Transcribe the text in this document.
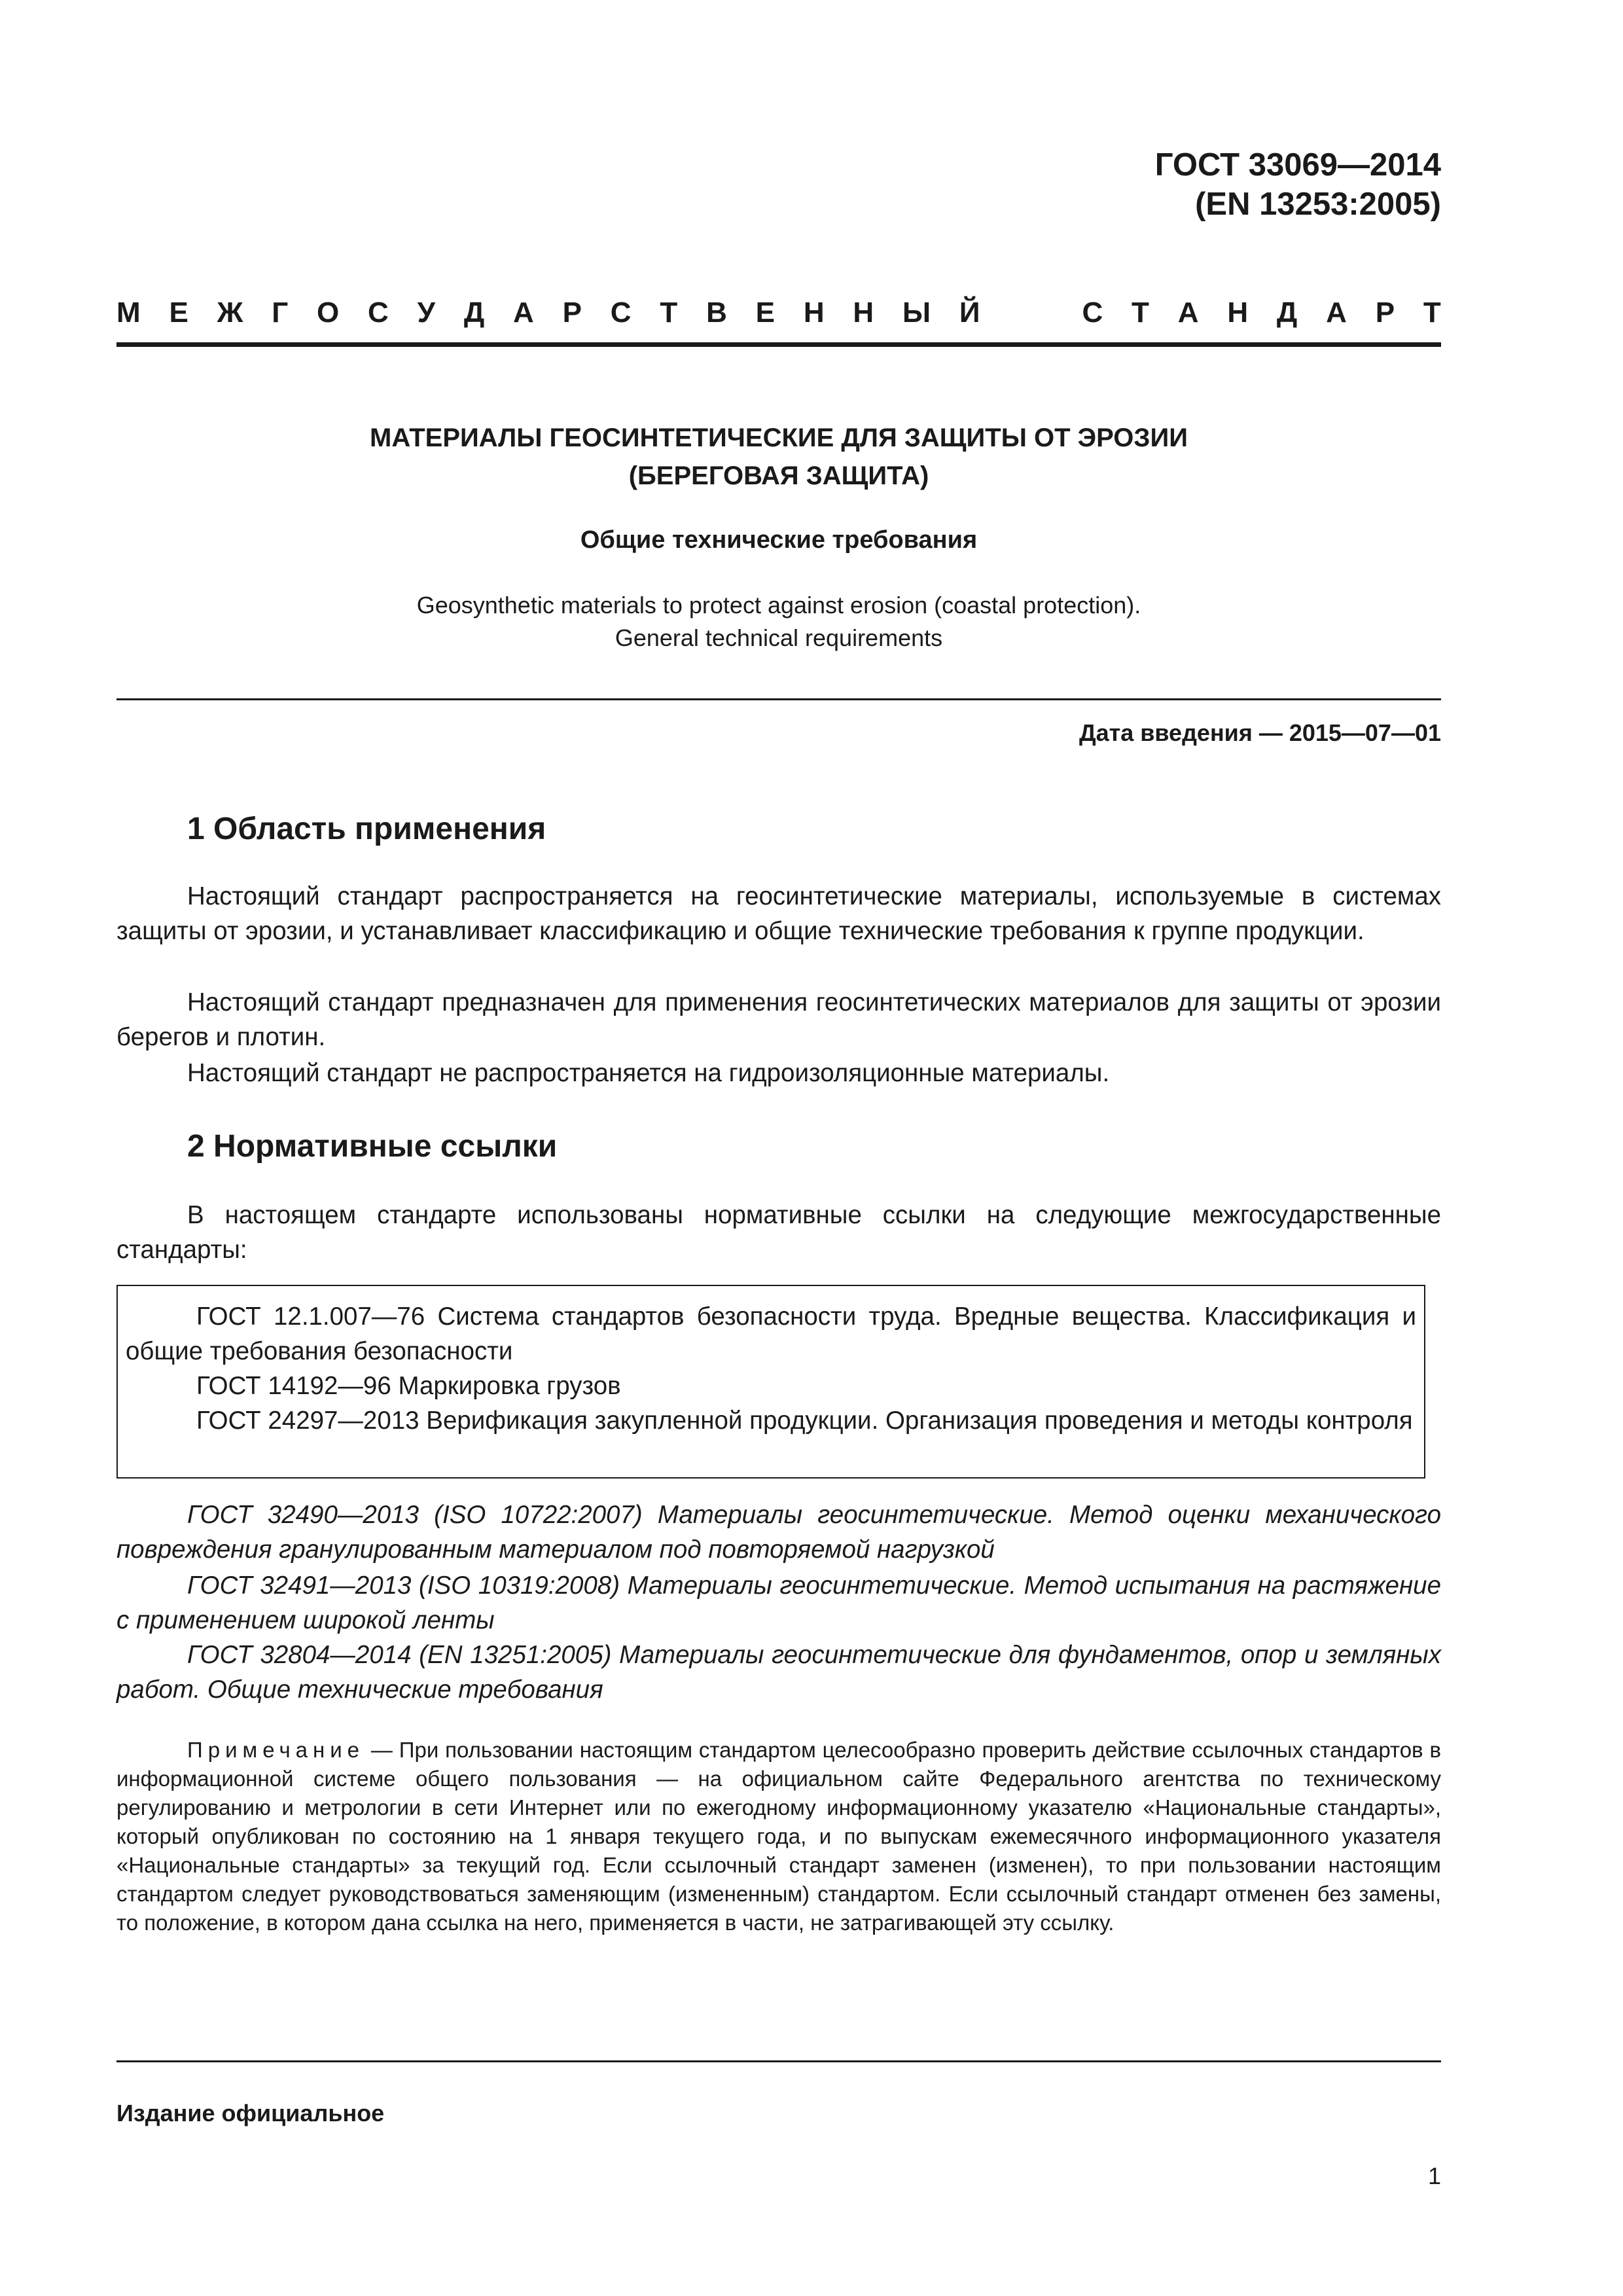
ГОСТ 33069—2014
(EN 13253:2005)
М Е Ж Г О С У Д А Р С Т В Е Н Н Ы Й

	С Т А Н Д А Р Т
МАТЕРИАЛЫ ГЕОСИНТЕТИЧЕСКИЕ ДЛЯ ЗАЩИТЫ ОТ ЭРОЗИИ
(БЕРЕГОВАЯ ЗАЩИТА)
Общие технические требования
Geosynthetic materials to protect against erosion (coastal protection).
General technical requirements
Дата введения — 2015—07—01
1 Область применения

Настоящий стандарт распространяется на геосинтетические материалы, используемые в системах защиты от эрозии, и устанавливает классификацию и общие технические требования к группе продукции.

Настоящий стандарт предназначен для применения геосинтетических материалов для защиты от эрозии берегов и плотин.

Настоящий стандарт не распространяется на гидроизоляционные материалы.

2 Нормативные ссылки

В настоящем стандарте использованы нормативные ссылки на следующие межгосударственные стандарты:

ГОСТ 12.1.007—76 Система стандартов безопасности труда. Вредные вещества. Классификация и общие требования безопасности

ГОСТ 14192—96 Маркировка грузов

ГОСТ 24297—2013 Верификация закупленной продукции. Организация проведения и методы контроля

ГОСТ 32490—2013 (ISO 10722:2007) Материалы геосинтетические. Метод оценки механического повреждения гранулированным материалом под повторяемой нагрузкой

ГОСТ 32491—2013 (ISO 10319:2008) Материалы геосинтетические. Метод испытания на растяжение с применением широкой ленты

ГОСТ 32804—2014 (EN 13251:2005) Материалы геосинтетические для фундаментов, опор и земляных работ. Общие технические требования

Примечание — При пользовании настоящим стандартом целесообразно проверить действие ссылочных стандартов в информационной системе общего пользования — на официальном сайте Федерального агентства по техническому регулированию и метрологии в сети Интернет или по ежегодному информационному указателю «Национальные стандарты», который опубликован по состоянию на 1 января текущего года, и по выпускам ежемесячного информационного указателя «Национальные стандарты» за текущий год. Если ссылочный стандарт заменен (изменен), то при пользовании настоящим стандартом следует руководствоваться заменяющим (измененным) стандартом. Если ссылочный стандарт отменен без замены, то положение, в котором дана ссылка на него, применяется в части, не затрагивающей эту ссылку.

Издание официальное
1
